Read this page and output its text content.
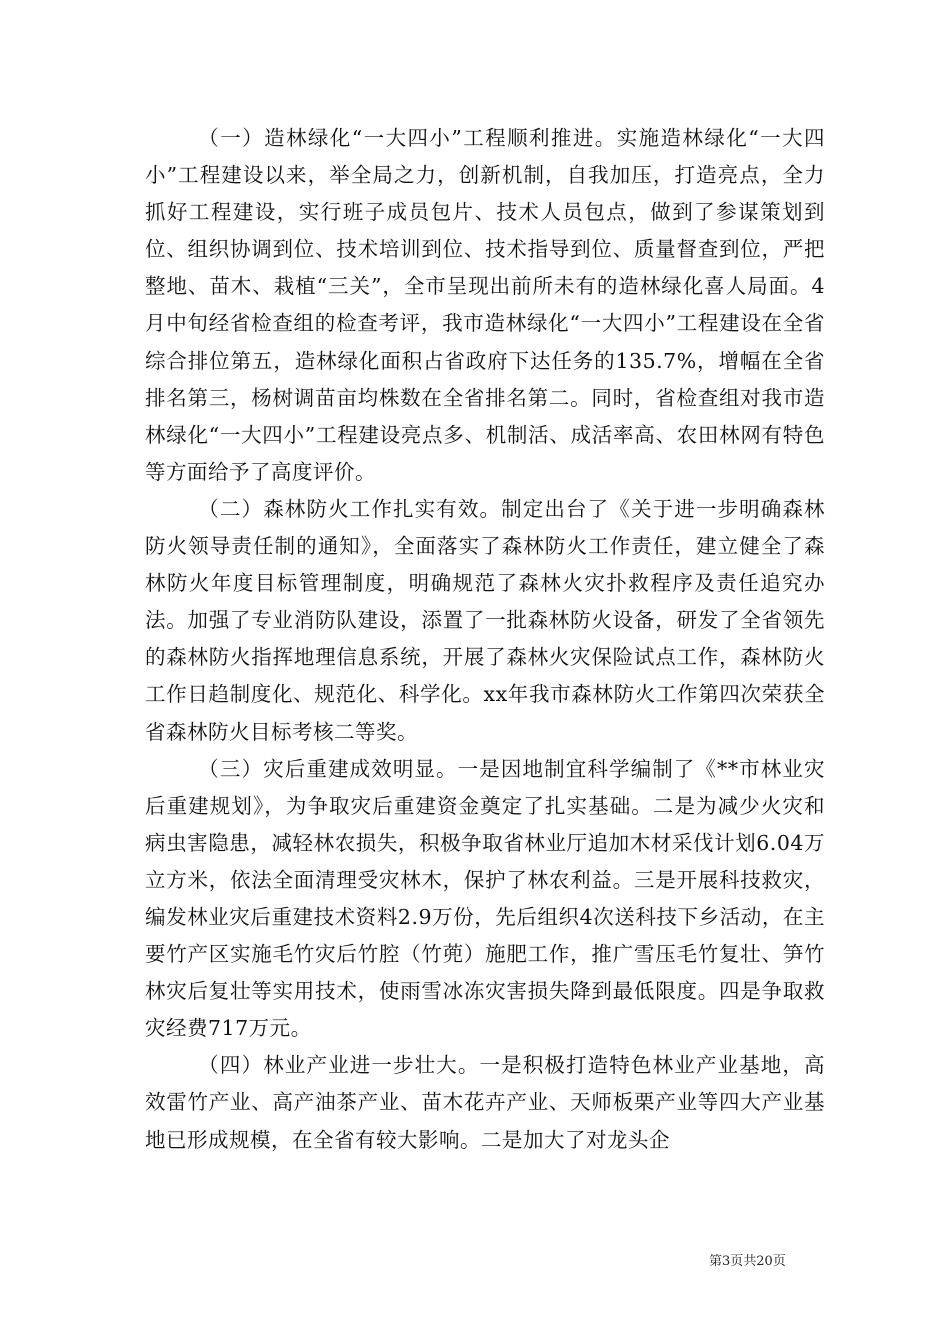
（一）造林绿化“一大四小”工程顺利推进。实施造林绿化“一大四小”工程建设以来，举全局之力，创新机制，自我加压，打造亮点，全力抓好工程建设，实行班子成员包片、技术人员包点，做到了参谋策划到位、组织协调到位、技术培训到位、技术指导到位、质量督查到位，严把整地、苗木、栽植“三关”，全市呈现出前所未有的造林绿化喜人局面。4月中旬经省检查组的检查考评，我市造林绿化“一大四小”工程建设在全省综合排位第五，造林绿化面积占省政府下达任务的135.7%，增幅在全省排名第三，杨树调苗亩均株数在全省排名第二。同时，省检查组对我市造林绿化“一大四小”工程建设亮点多、机制活、成活率高、农田林网有特色等方面给予了高度评价。

（二）森林防火工作扎实有效。制定出台了《关于进一步明确森林防火领导责任制的通知》，全面落实了森林防火工作责任，建立健全了森林防火年度目标管理制度，明确规范了森林火灾扑救程序及责任追究办法。加强了专业消防队建设，添置了一批森林防火设备，研发了全省领先的森林防火指挥地理信息系统，开展了森林火灾保险试点工作，森林防火工作日趋制度化、规范化、科学化。xx年我市森林防火工作第四次荣获全省森林防火目标考核二等奖。

（三）灾后重建成效明显。一是因地制宜科学编制了《**市林业灾后重建规划》，为争取灾后重建资金奠定了扎实基础。二是为减少火灾和病虫害隐患，减轻林农损失，积极争取省林业厅追加木材采伐计划6.04万立方米，依法全面清理受灾林木，保护了林农利益。三是开展科技救灾，编发林业灾后重建技术资料2.9万份，先后组织4次送科技下乡活动，在主要竹产区实施毛竹灾后竹腔（竹蔸）施肥工作，推广雪压毛竹复壮、笋竹林灾后复壮等实用技术，使雨雪冰冻灾害损失降到最低限度。四是争取救灾经费717万元。

（四）林业产业进一步壮大。一是积极打造特色林业产业基地，高效雷竹产业、高产油茶产业、苗木花卉产业、天师板栗产业等四大产业基地已形成规模，在全省有较大影响。二是加大了对龙头企

第3页共20页
